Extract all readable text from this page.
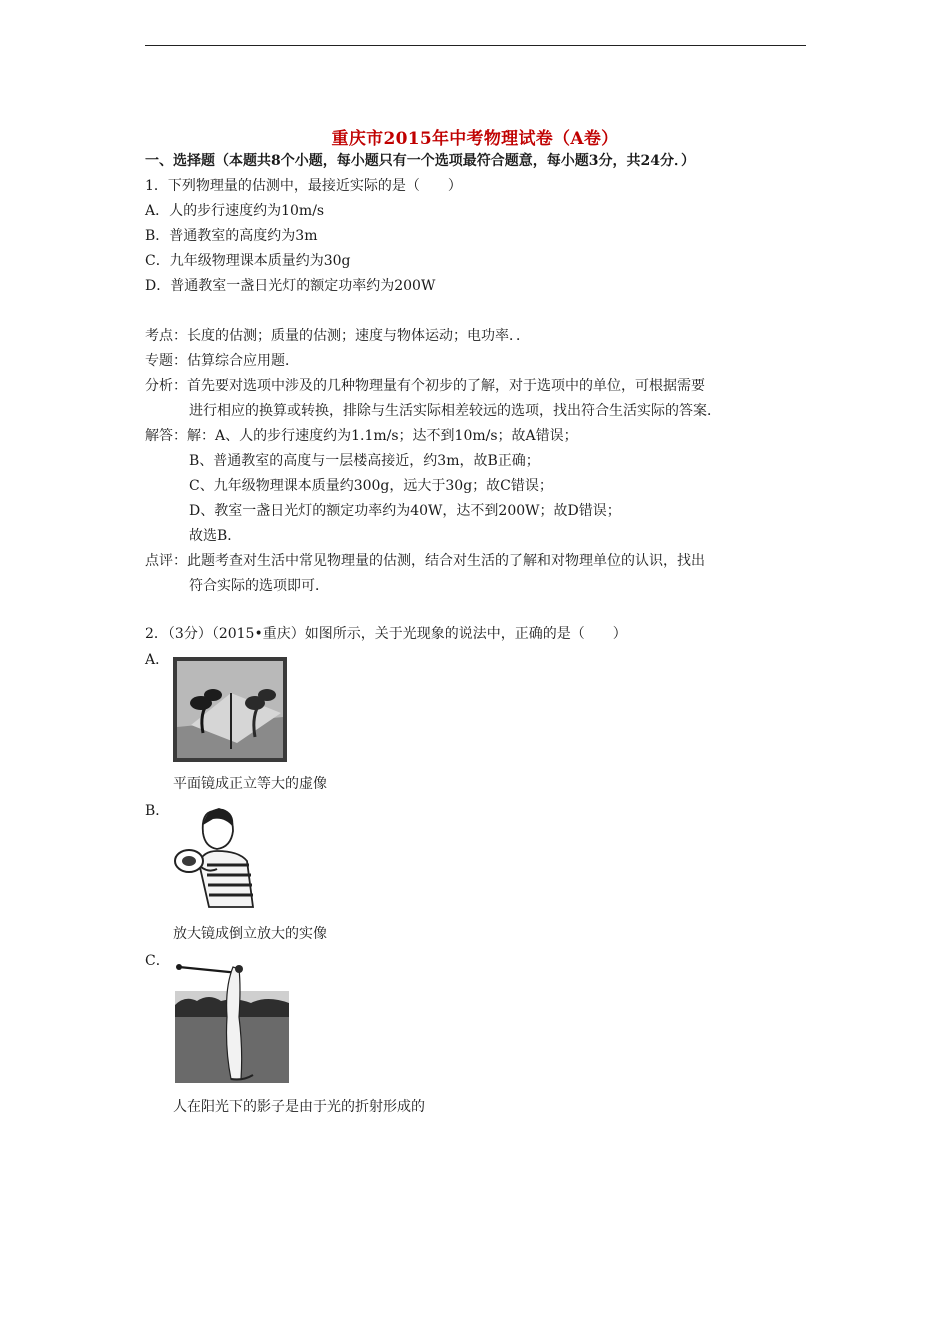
重庆市2015年中考物理试卷（A卷）
一、选择题（本题共8个小题，每小题只有一个选项最符合题意，每小题3分，共24分．）
1．下列物理量的估测中，最接近实际的是（　　）
A．人的步行速度约为10m/s
B．普通教室的高度约为3m
C．九年级物理课本质量约为30g
D．普通教室一盏日光灯的额定功率约为200W
考点：长度的估测；质量的估测；速度与物体运动；电功率．．
专题：估算综合应用题．
分析：首先要对选项中涉及的几种物理量有个初步的了解，对于选项中的单位，可根据需要
进行相应的换算或转换，排除与生活实际相差较远的选项，找出符合生活实际的答案．
解答：解：A、人的步行速度约为1.1m/s；达不到10m/s；故A错误；
B、普通教室的高度与一层楼高接近，约3m，故B正确；
C、九年级物理课本质量约300g，远大于30g；故C错误；
D、教室一盏日光灯的额定功率约为40W，达不到200W；故D错误；
故选B．
点评：此题考查对生活中常见物理量的估测，结合对生活的了解和对物理单位的认识，找出
符合实际的选项即可．
2．（3分）（2015•重庆）如图所示，关于光现象的说法中，正确的是（　　）
A．
平面镜成正立等大的虚像
B．
放大镜成倒立放大的实像
C．
人在阳光下的影子是由于光的折射形成的
